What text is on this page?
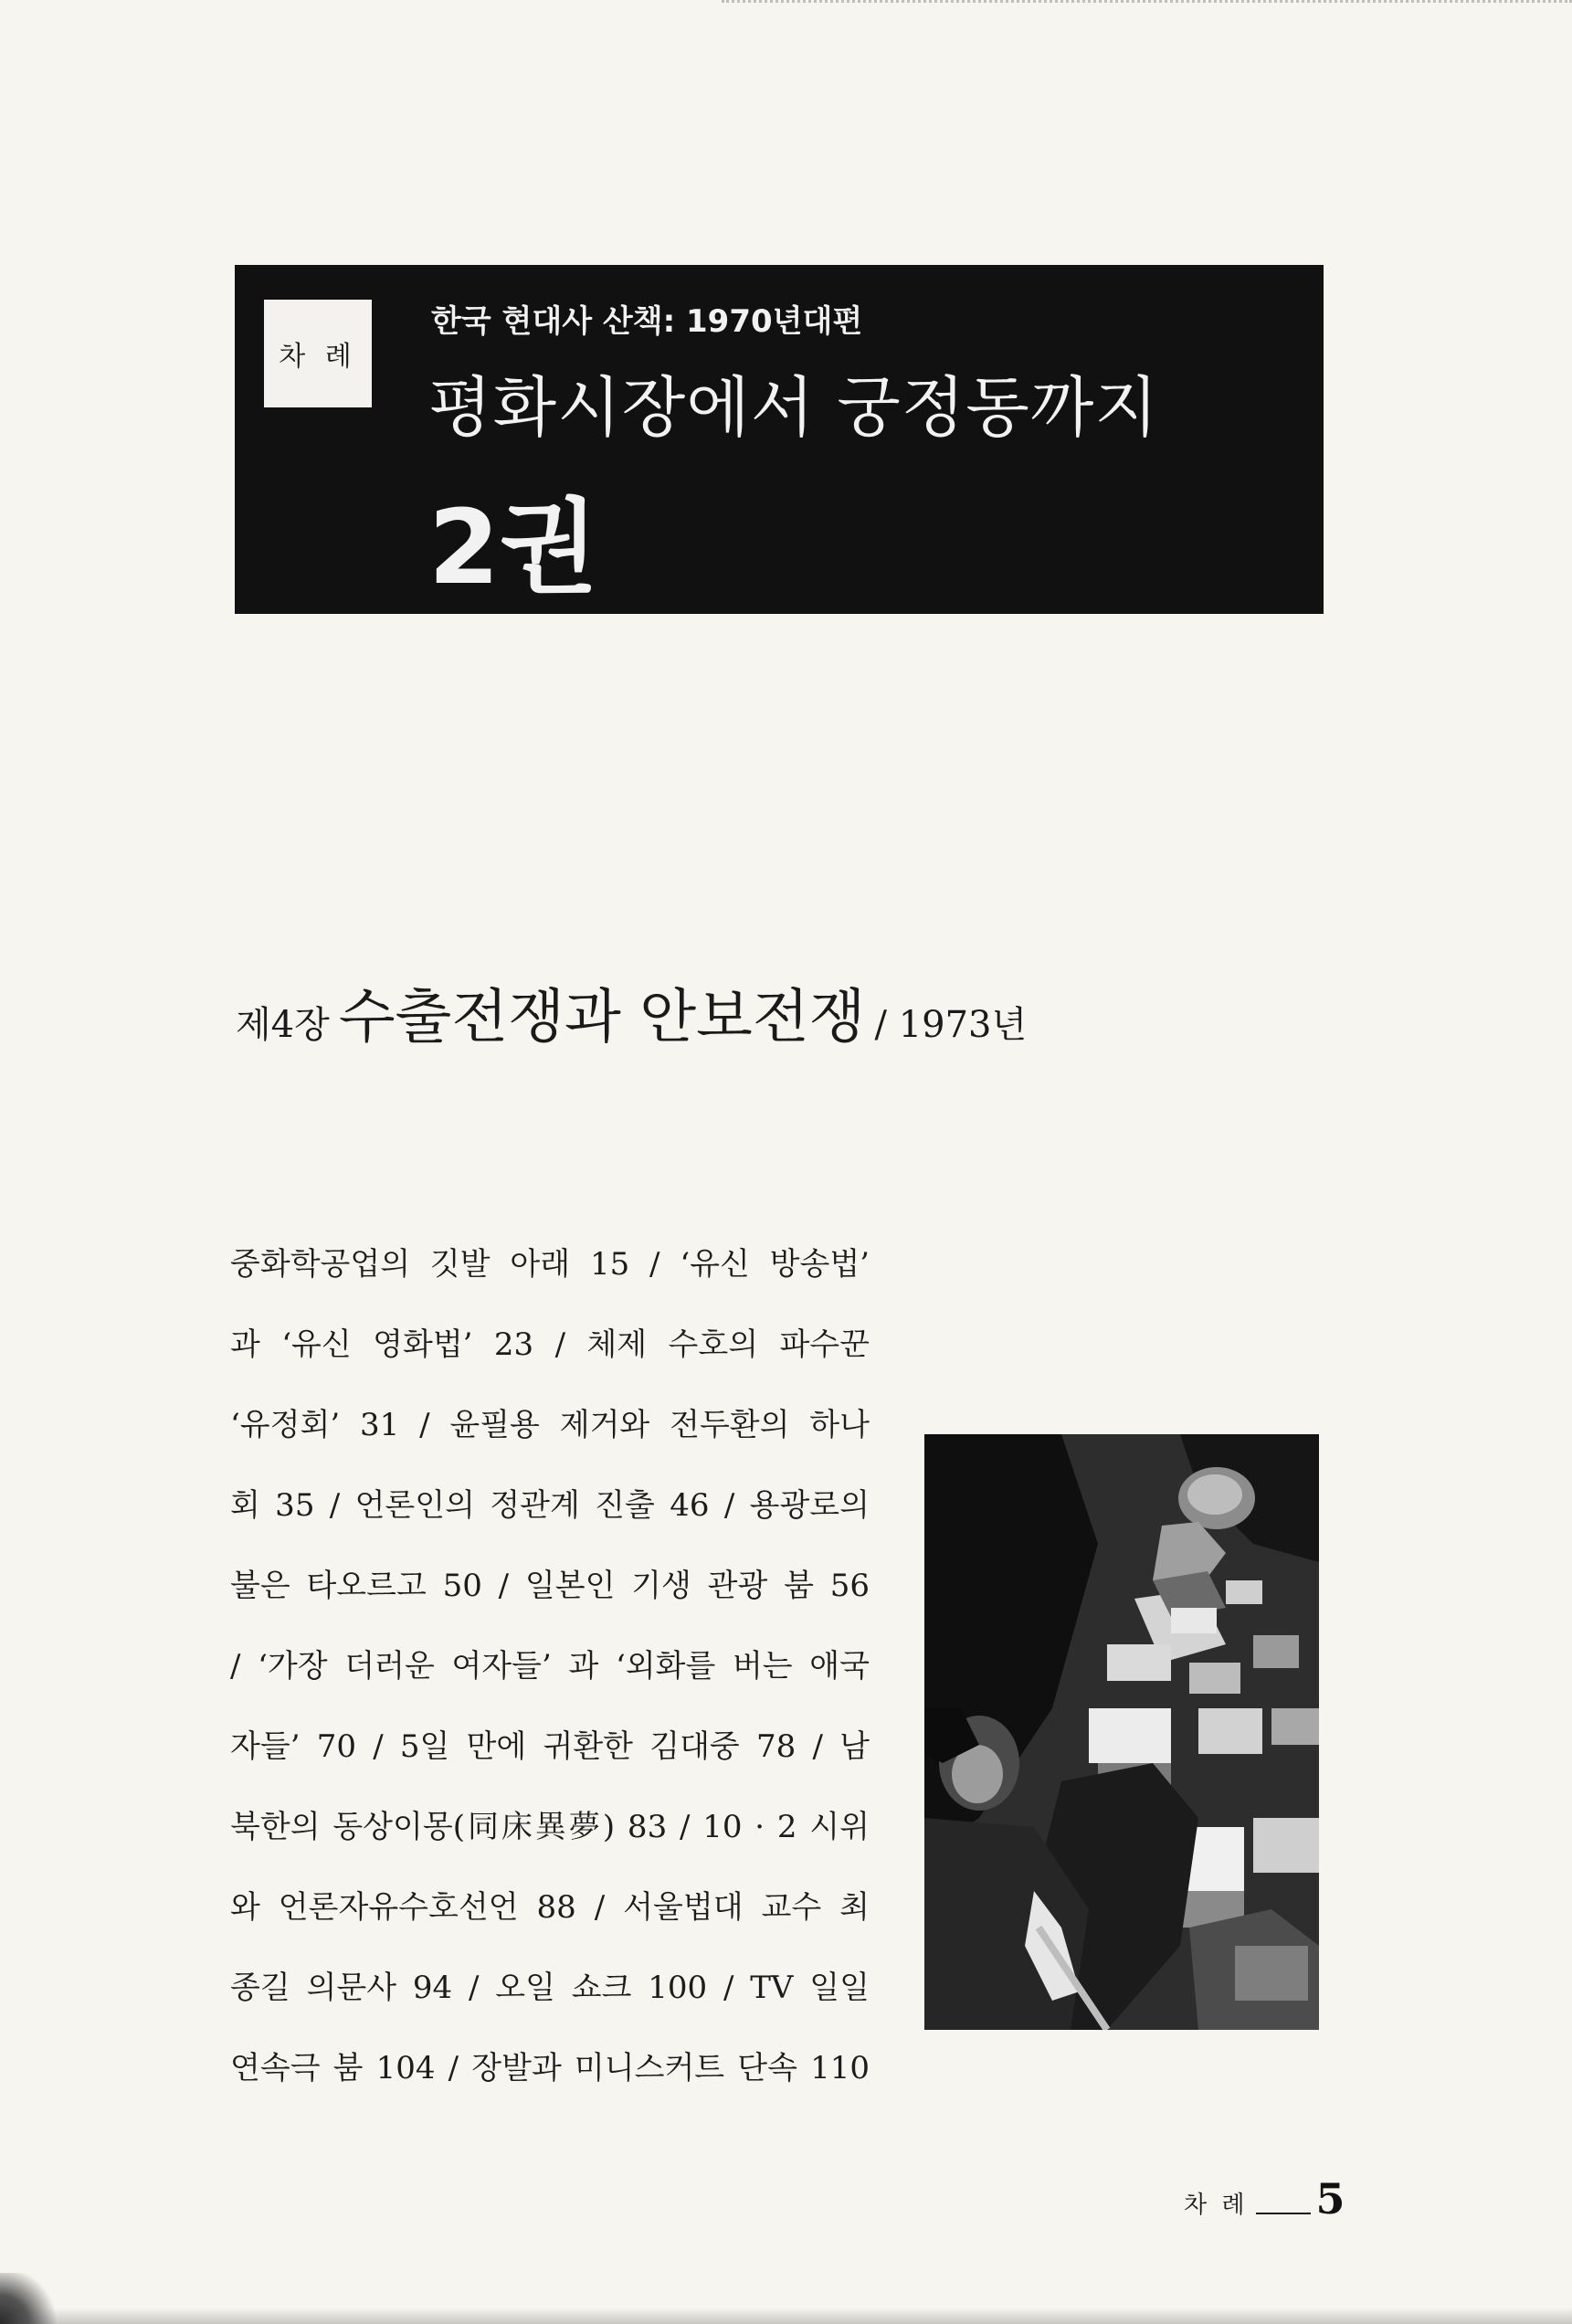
차 례
한국 현대사 산책: 1970년대편
평화시장에서 궁정동까지
2권
제4장 수출전쟁과 안보전쟁 / 1973년
중화학공업의 깃발 아래 15 / ‘유신 방송법’
과 ‘유신 영화법’ 23 / 체제 수호의 파수꾼
‘유정회’ 31 / 윤필용 제거와 전두환의 하나
회 35 / 언론인의 정관계 진출 46 / 용광로의
불은 타오르고 50 / 일본인 기생 관광 붐 56
/ ‘가장 더러운 여자들’ 과 ‘외화를 버는 애국
자들’ 70 / 5일 만에 귀환한 김대중 78 / 남
북한의 동상이몽(同床異夢) 83 / 10 · 2 시위
와 언론자유수호선언 88 / 서울법대 교수 최
종길 의문사 94 / 오일 쇼크 100 / TV 일일
연속극 붐 104 / 장발과 미니스커트 단속 110
차 례 5
